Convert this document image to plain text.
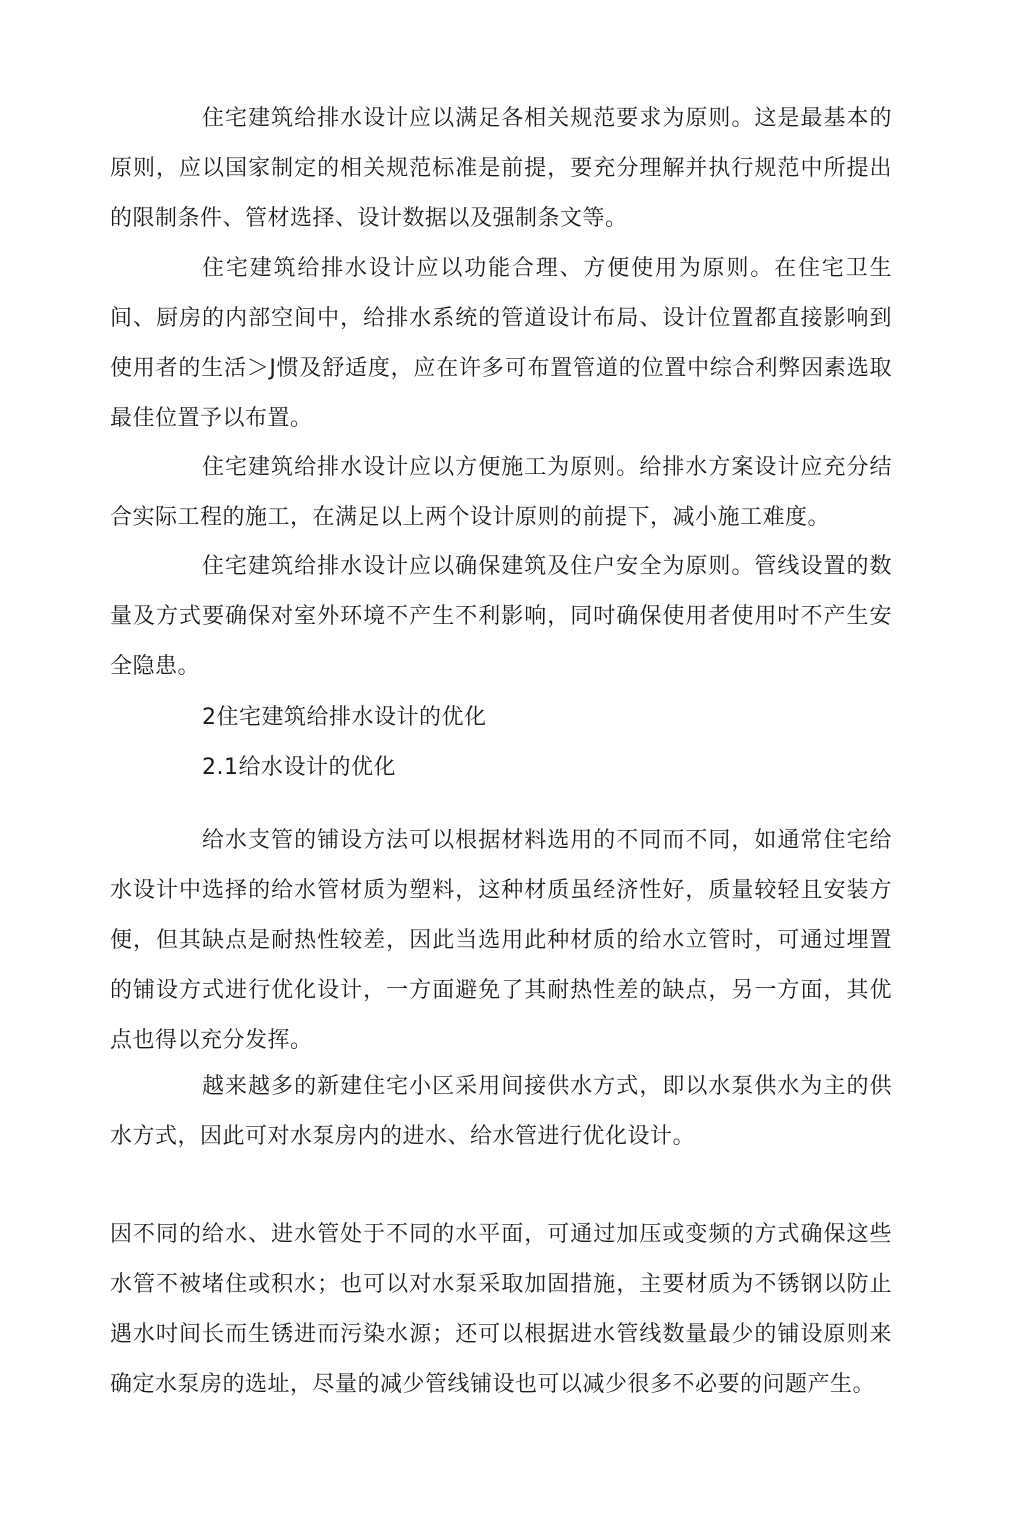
住宅建筑给排水设计应以满足各相关规范要求为原则。这是最基本的原则，应以国家制定的相关规范标准是前提，要充分理解并执行规范中所提出的限制条件、管材选择、设计数据以及强制条文等。

住宅建筑给排水设计应以功能合理、方便使用为原则。在住宅卫生间、厨房的内部空间中，给排水系统的管道设计布局、设计位置都直接影响到使用者的生活＞J惯及舒适度，应在许多可布置管道的位置中综合利弊因素选取最佳位置予以布置。

住宅建筑给排水设计应以方便施工为原则。给排水方案设计应充分结合实际工程的施工，在满足以上两个设计原则的前提下，减小施工难度。

住宅建筑给排水设计应以确保建筑及住户安全为原则。管线设置的数量及方式要确保对室外环境不产生不利影响，同吋确保使用者使用吋不产生安全隐患。

2住宅建筑给排水设计的优化

2.1给水设计的优化

给水支管的铺设方法可以根据材料选用的不同而不同，如通常住宅给水设计中选择的给水管材质为塑料，这种材质虽经济性好，质量较轻且安装方便，但其缺点是耐热性较差，因此当选用此种材质的给水立管时，可通过埋置的铺设方式进行优化设计，一方面避免了其耐热性差的缺点，另一方面，其优点也得以充分发挥。

越来越多的新建住宅小区采用间接供水方式，即以水泵供水为主的供水方式，因此可对水泵房内的进水、给水管进行优化设计。

因不同的给水、进水管处于不同的水平面，可通过加压或变频的方式确保这些水管不被堵住或积水；也可以对水泵采取加固措施，主要材质为不锈钢以防止遇水吋间长而生锈进而污染水源；还可以根据进水管线数量最少的铺设原则来确定水泵房的选址，尽量的减少管线铺设也可以减少很多不必要的问题产生。
